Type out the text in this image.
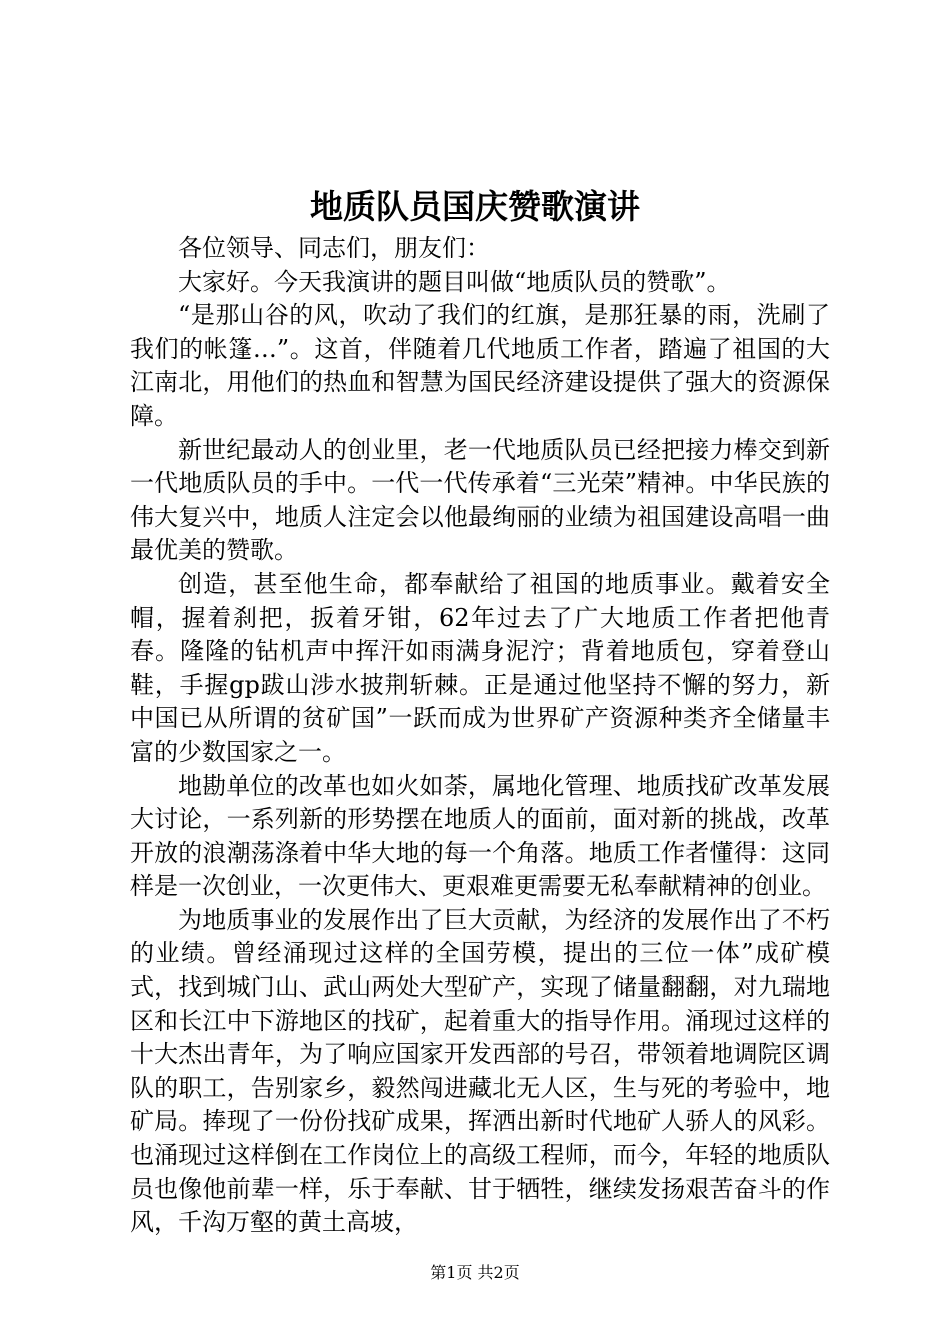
地质队员国庆赞歌演讲

各位领导、同志们，朋友们：

大家好。今天我演讲的题目叫做“地质队员的赞歌”。

“是那山谷的风，吹动了我们的红旗，是那狂暴的雨，洗刷了我们的帐篷…”。这首，伴随着几代地质工作者，踏遍了祖国的大江南北，用他们的热血和智慧为国民经济建设提供了强大的资源保障。

新世纪最动人的创业里，老一代地质队员已经把接力棒交到新一代地质队员的手中。一代一代传承着“三光荣”精神。中华民族的伟大复兴中，地质人注定会以他最绚丽的业绩为祖国建设高唱一曲最优美的赞歌。

创造，甚至他生命，都奉献给了祖国的地质事业。戴着安全帽，握着刹把，扳着牙钳，62年过去了广大地质工作者把他青春。隆隆的钻机声中挥汗如雨满身泥泞；背着地质包，穿着登山鞋，手握gp跋山涉水披荆斩棘。正是通过他坚持不懈的努力，新中国已从所谓的贫矿国”一跃而成为世界矿产资源种类齐全储量丰富的少数国家之一。

地勘单位的改革也如火如荼，属地化管理、地质找矿改革发展大讨论，一系列新的形势摆在地质人的面前，面对新的挑战，改革开放的浪潮荡涤着中华大地的每一个角落。地质工作者懂得：这同样是一次创业，一次更伟大、更艰难更需要无私奉献精神的创业。

为地质事业的发展作出了巨大贡献，为经济的发展作出了不朽的业绩。曾经涌现过这样的全国劳模，提出的三位一体”成矿模式，找到城门山、武山两处大型矿产，实现了储量翻翻，对九瑞地区和长江中下游地区的找矿，起着重大的指导作用。涌现过这样的十大杰出青年，为了响应国家开发西部的号召，带领着地调院区调队的职工，告别家乡，毅然闯进藏北无人区，生与死的考验中，地矿局。捧现了一份份找矿成果，挥洒出新时代地矿人骄人的风彩。也涌现过这样倒在工作岗位上的高级工程师，而今，年轻的地质队员也像他前辈一样，乐于奉献、甘于牺牲，继续发扬艰苦奋斗的作风，千沟万壑的黄土高坡，

第1页 共2页
